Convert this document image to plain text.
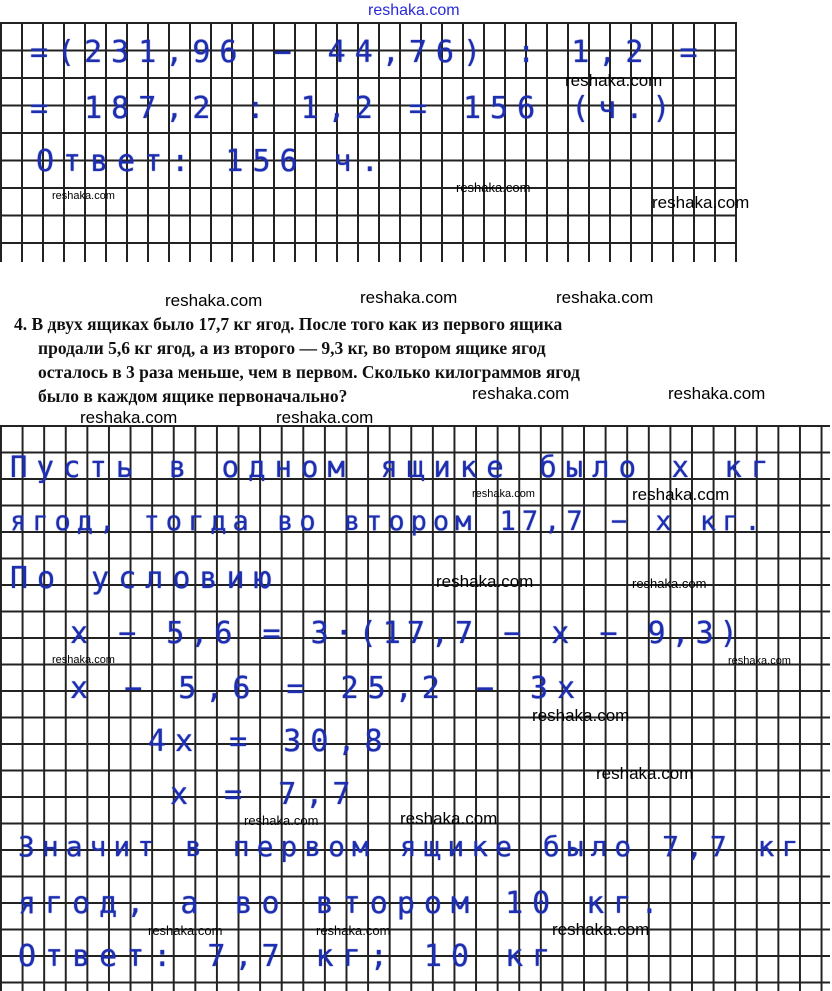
=(231,96 − 44,76) : 1,2 =
= 187,2 : 1,2 = 156 (ч.)
Ответ: 156 ч.
4. В двух ящиках было 17,7 кг ягод. После того как из первого ящика
продали 5,6 кг ягод, а из второго — 9,3 кг, во втором ящике ягод
осталось в 3 раза меньше, чем в первом. Сколько килограммов ягод
было в каждом ящике первоначально?
Пусть в одном ящике было x кг
ягод, тогда во втором 17,7 − x кг.
По условию
x − 5,6 = 3·(17,7 − x − 9,3)
x − 5,6 = 25,2 − 3x
4x = 30,8
x = 7,7
Значит в первом ящике было 7,7 кг
ягод, а во втором 10 кг.
Ответ: 7,7 кг; 10 кг
reshaka.com
reshaka.com
reshaka.com
reshaka.com
reshaka.com
reshaka.com	reshaka.com	reshaka.com
reshaka.com	reshaka.com
reshaka.com	reshaka.com
reshaka.com	reshaka.com
reshaka.com	reshaka.com
reshaka.com	reshaka.com
reshaka.com
reshaka.com
reshaka.com	reshaka.com
reshaka.com	reshaka.com	reshaka.com
